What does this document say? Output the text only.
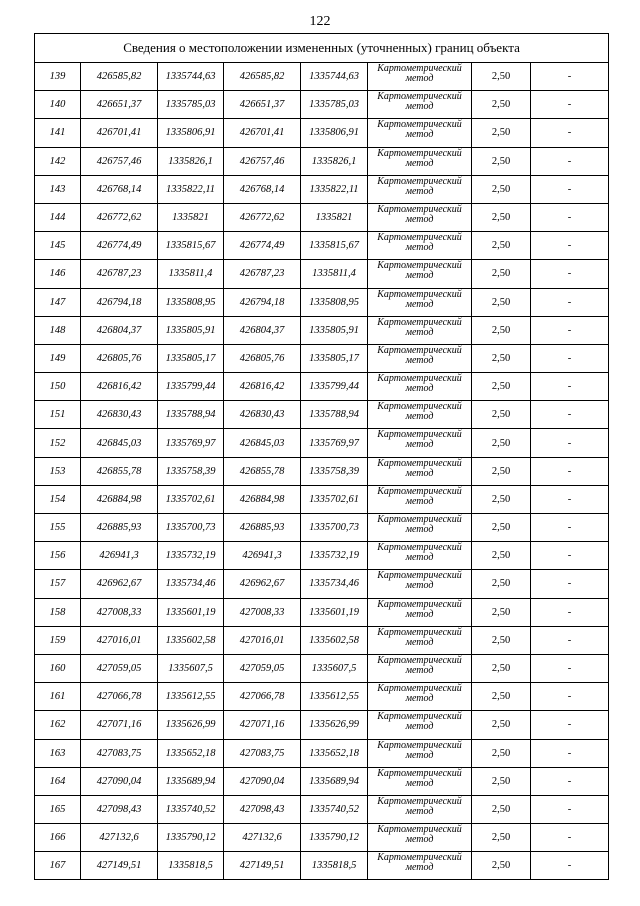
122
Сведения о местоположении измененных (уточненных) границ объекта							
139	426585,82	1335744,63	426585,82	1335744,63	Картометрический метод	2,50	-
140	426651,37	1335785,03	426651,37	1335785,03	Картометрический метод	2,50	-
141	426701,41	1335806,91	426701,41	1335806,91	Картометрический метод	2,50	-
142	426757,46	1335826,1	426757,46	1335826,1	Картометрический метод	2,50	-
143	426768,14	1335822,11	426768,14	1335822,11	Картометрический метод	2,50	-
144	426772,62	1335821	426772,62	1335821	Картометрический метод	2,50	-
145	426774,49	1335815,67	426774,49	1335815,67	Картометрический метод	2,50	-
146	426787,23	1335811,4	426787,23	1335811,4	Картометрический метод	2,50	-
147	426794,18	1335808,95	426794,18	1335808,95	Картометрический метод	2,50	-
148	426804,37	1335805,91	426804,37	1335805,91	Картометрический метод	2,50	-
149	426805,76	1335805,17	426805,76	1335805,17	Картометрический метод	2,50	-
150	426816,42	1335799,44	426816,42	1335799,44	Картометрический метод	2,50	-
151	426830,43	1335788,94	426830,43	1335788,94	Картометрический метод	2,50	-
152	426845,03	1335769,97	426845,03	1335769,97	Картометрический метод	2,50	-
153	426855,78	1335758,39	426855,78	1335758,39	Картометрический метод	2,50	-
154	426884,98	1335702,61	426884,98	1335702,61	Картометрический метод	2,50	-
155	426885,93	1335700,73	426885,93	1335700,73	Картометрический метод	2,50	-
156	426941,3	1335732,19	426941,3	1335732,19	Картометрический метод	2,50	-
157	426962,67	1335734,46	426962,67	1335734,46	Картометрический метод	2,50	-
158	427008,33	1335601,19	427008,33	1335601,19	Картометрический метод	2,50	-
159	427016,01	1335602,58	427016,01	1335602,58	Картометрический метод	2,50	-
160	427059,05	1335607,5	427059,05	1335607,5	Картометрический метод	2,50	-
161	427066,78	1335612,55	427066,78	1335612,55	Картометрический метод	2,50	-
162	427071,16	1335626,99	427071,16	1335626,99	Картометрический метод	2,50	-
163	427083,75	1335652,18	427083,75	1335652,18	Картометрический метод	2,50	-
164	427090,04	1335689,94	427090,04	1335689,94	Картометрический метод	2,50	-
165	427098,43	1335740,52	427098,43	1335740,52	Картометрический метод	2,50	-
166	427132,6	1335790,12	427132,6	1335790,12	Картометрический метод	2,50	-
167	427149,51	1335818,5	427149,51	1335818,5	Картометрический метод	2,50	-
